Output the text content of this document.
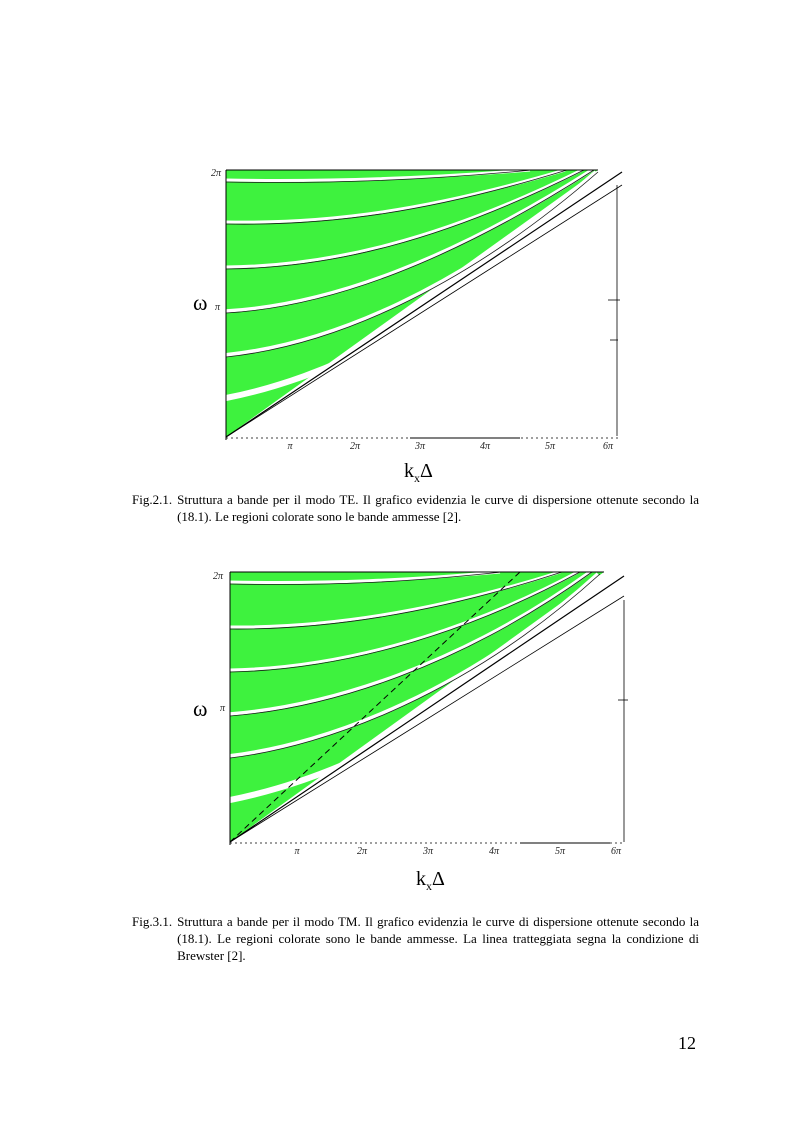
2π
π
π	2π	3π	4π	5π	6π
ω
$k_x\Delta$
Fig.2.1. Struttura a bande per il modo TE. Il grafico evidenzia le curve di dispersione ottenute secondo la (18.1). Le regioni colorate sono le bande ammesse [2].
2π
π
π	2π	3π	4π	5π	6π
ω
$k_x\Delta$
Fig.3.1. Struttura a bande per il modo TM. Il grafico evidenzia le curve di dispersione ottenute secondo la (18.1). Le regioni colorate sono le bande ammesse. La linea tratteggiata segna la condizione di Brewster [2].
12
